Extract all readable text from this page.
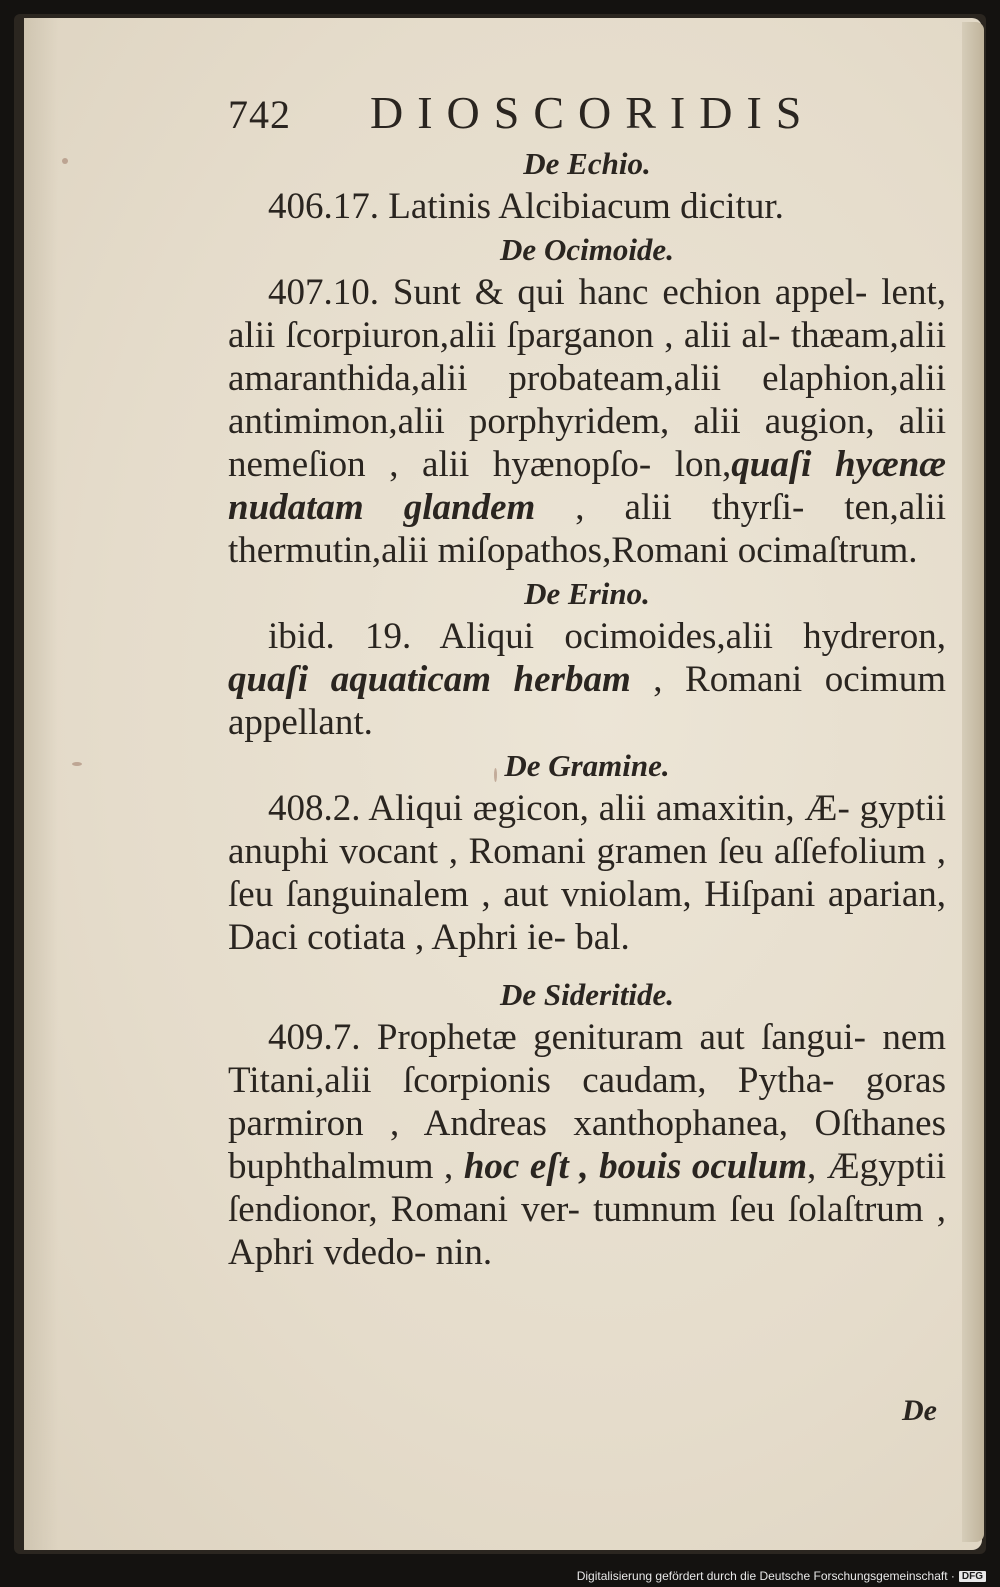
742	DIOSCORIDIS
De Echio.
406.17. Latinis Alcibiacum dicitur.
De Ocimoide.
407.10. Sunt & qui hanc echion appel- lent, alii ſcorpiuron,alii ſparganon , alii al- thæam,alii amaranthida,alii probateam,alii elaphion,alii antimimon,alii porphyridem, alii augion, alii nemeſion , alii hyænopſo- lon,quaſi hyænæ nudatam glandem , alii thyrſi- ten,alii thermutin,alii miſopathos,Romani ocimaſtrum.
De Erino.
ibid. 19. Aliqui ocimoides,alii hydreron, quaſi aquaticam herbam , Romani ocimum appellant.
De Gramine.
408.2. Aliqui ægicon, alii amaxitin, Æ- gyptii anuphi vocant , Romani gramen ſeu aſſefolium , ſeu ſanguinalem , aut vniolam, Hiſpani aparian, Daci cotiata , Aphri ie- bal.
De Sideritide.
409.7. Prophetæ genituram aut ſangui- nem Titani,alii ſcorpionis caudam, Pytha- goras parmiron , Andreas xanthophanea, Oſthanes buphthalmum , hoc eſt , bouis oculum, Ægyptii ſendionor, Romani ver- tumnum ſeu ſolaſtrum , Aphri vdedo- nin.
De
Digitalisierung gefördert durch die Deutsche Forschungsgemeinschaft · DFG
